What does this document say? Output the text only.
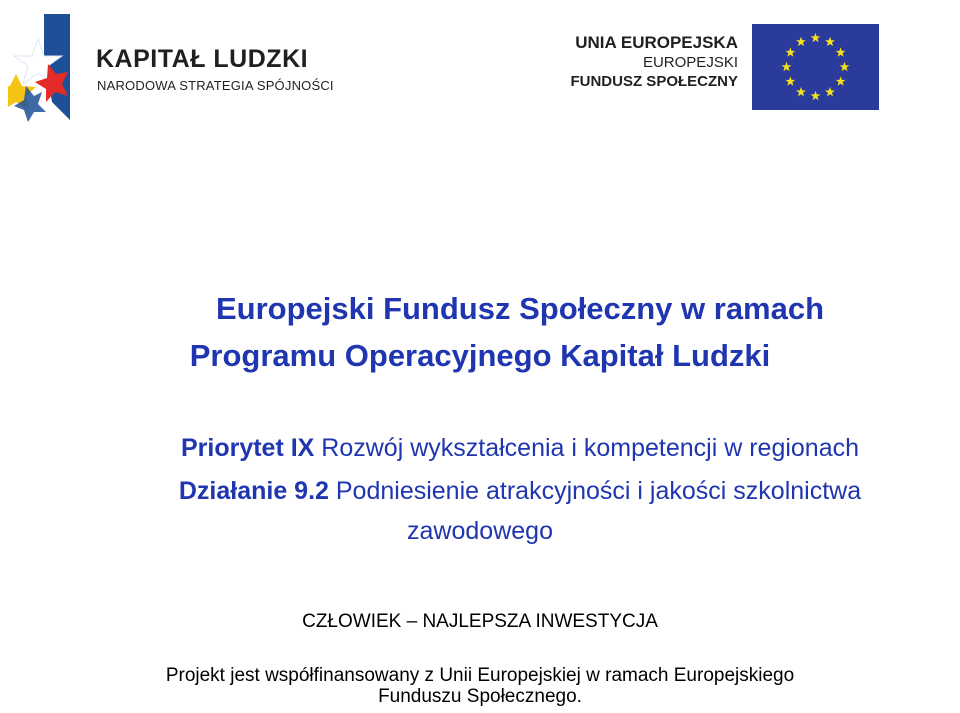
KAPITAŁ LUDZKI
NARODOWA STRATEGIA SPÓJNOŚCI
UNIA EUROPEJSKA
EUROPEJSKI
FUNDUSZ SPOŁECZNY
Europejski Fundusz Społeczny w ramach
Programu Operacyjnego Kapitał Ludzki
Priorytet IX Rozwój wykształcenia i kompetencji w regionach
Działanie 9.2 Podniesienie atrakcyjności i jakości szkolnictwa
zawodowego
CZŁOWIEK – NAJLEPSZA INWESTYCJA
Projekt jest współfinansowany z Unii Europejskiej w ramach Europejskiego
Funduszu Społecznego.
